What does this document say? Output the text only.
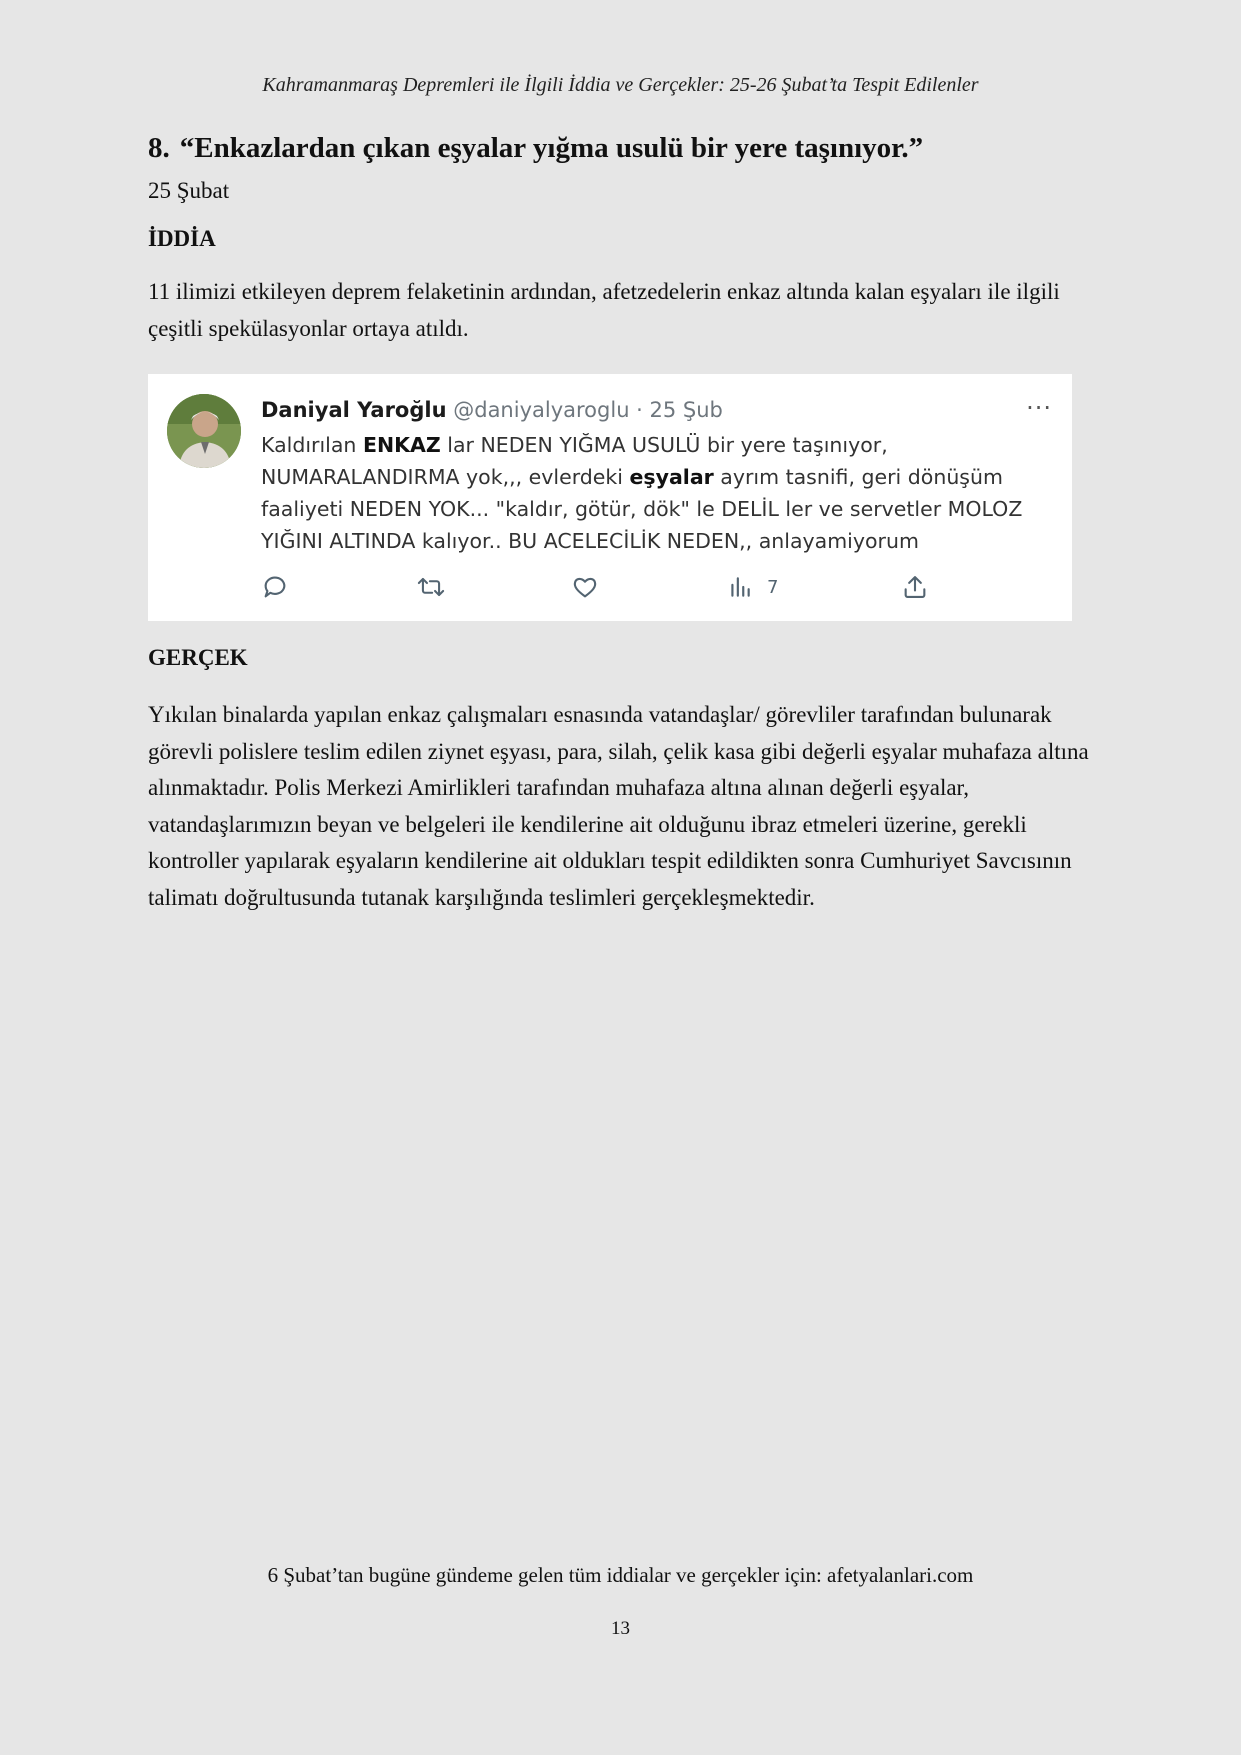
Kahramanmaraş Depremleri ile İlgili İddia ve Gerçekler: 25-26 Şubat’ta Tespit Edilenler
8. “Enkazlardan çıkan eşyalar yığma usulü bir yere taşınıyor.”
25 Şubat
İDDİA

11 ilimizi etkileyen deprem felaketinin ardından, afetzedelerin enkaz altında kalan eşyaları ile ilgili çeşitli spekülasyonlar ortaya atıldı.

Daniyal Yaroğlu @daniyalyaroglu · 25 Şub	···
Kaldırılan ENKAZ lar NEDEN YIĞMA USULÜ bir yere taşınıyor, NUMARALANDIRMA yok,,, evlerdeki eşyalar ayrım tasnifi, geri dönüşüm faaliyeti NEDEN YOK... "kaldır, götür, dök" le DELİL ler ve servetler MOLOZ YIĞINI ALTINDA kalıyor.. BU ACELECİLİK NEDEN,, anlayamiyorum
7
GERÇEK

Yıkılan binalarda yapılan enkaz çalışmaları esnasında vatandaşlar/ görevliler tarafından bulunarak görevli polislere teslim edilen ziynet eşyası, para, silah, çelik kasa gibi değerli eşyalar muhafaza altına alınmaktadır. Polis Merkezi Amirlikleri tarafından muhafaza altına alınan değerli eşyalar, vatandaşlarımızın beyan ve belgeleri ile kendilerine ait olduğunu ibraz etmeleri üzerine, gerekli kontroller yapılarak eşyaların kendilerine ait oldukları tespit edildikten sonra Cumhuriyet Savcısının talimatı doğrultusunda tutanak karşılığında teslimleri gerçekleşmektedir.

6 Şubat’tan bugüne gündeme gelen tüm iddialar ve gerçekler için: afetyalanlari.com
13
